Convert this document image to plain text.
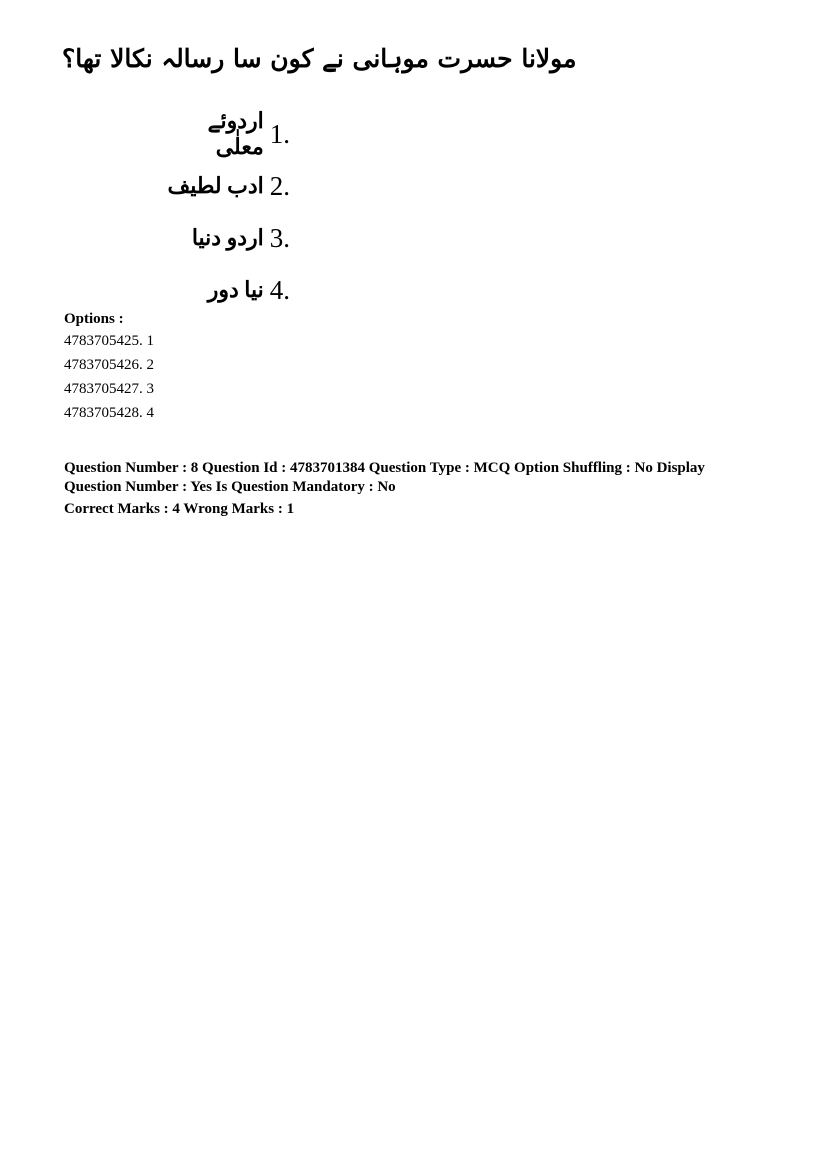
مولانا حسرت موہانی نے کون سا رسالہ نکالا تھا؟
اردوئے معلٰی 1.
ادب لطیف 2.
اردو دنیا 3.
نیا دور 4.
Options :
4783705425. 1
4783705426. 2
4783705427. 3
4783705428. 4
Question Number : 8 Question Id : 4783701384 Question Type : MCQ Option Shuffling : No Display
Question Number : Yes Is Question Mandatory : No
Correct Marks : 4 Wrong Marks : 1
